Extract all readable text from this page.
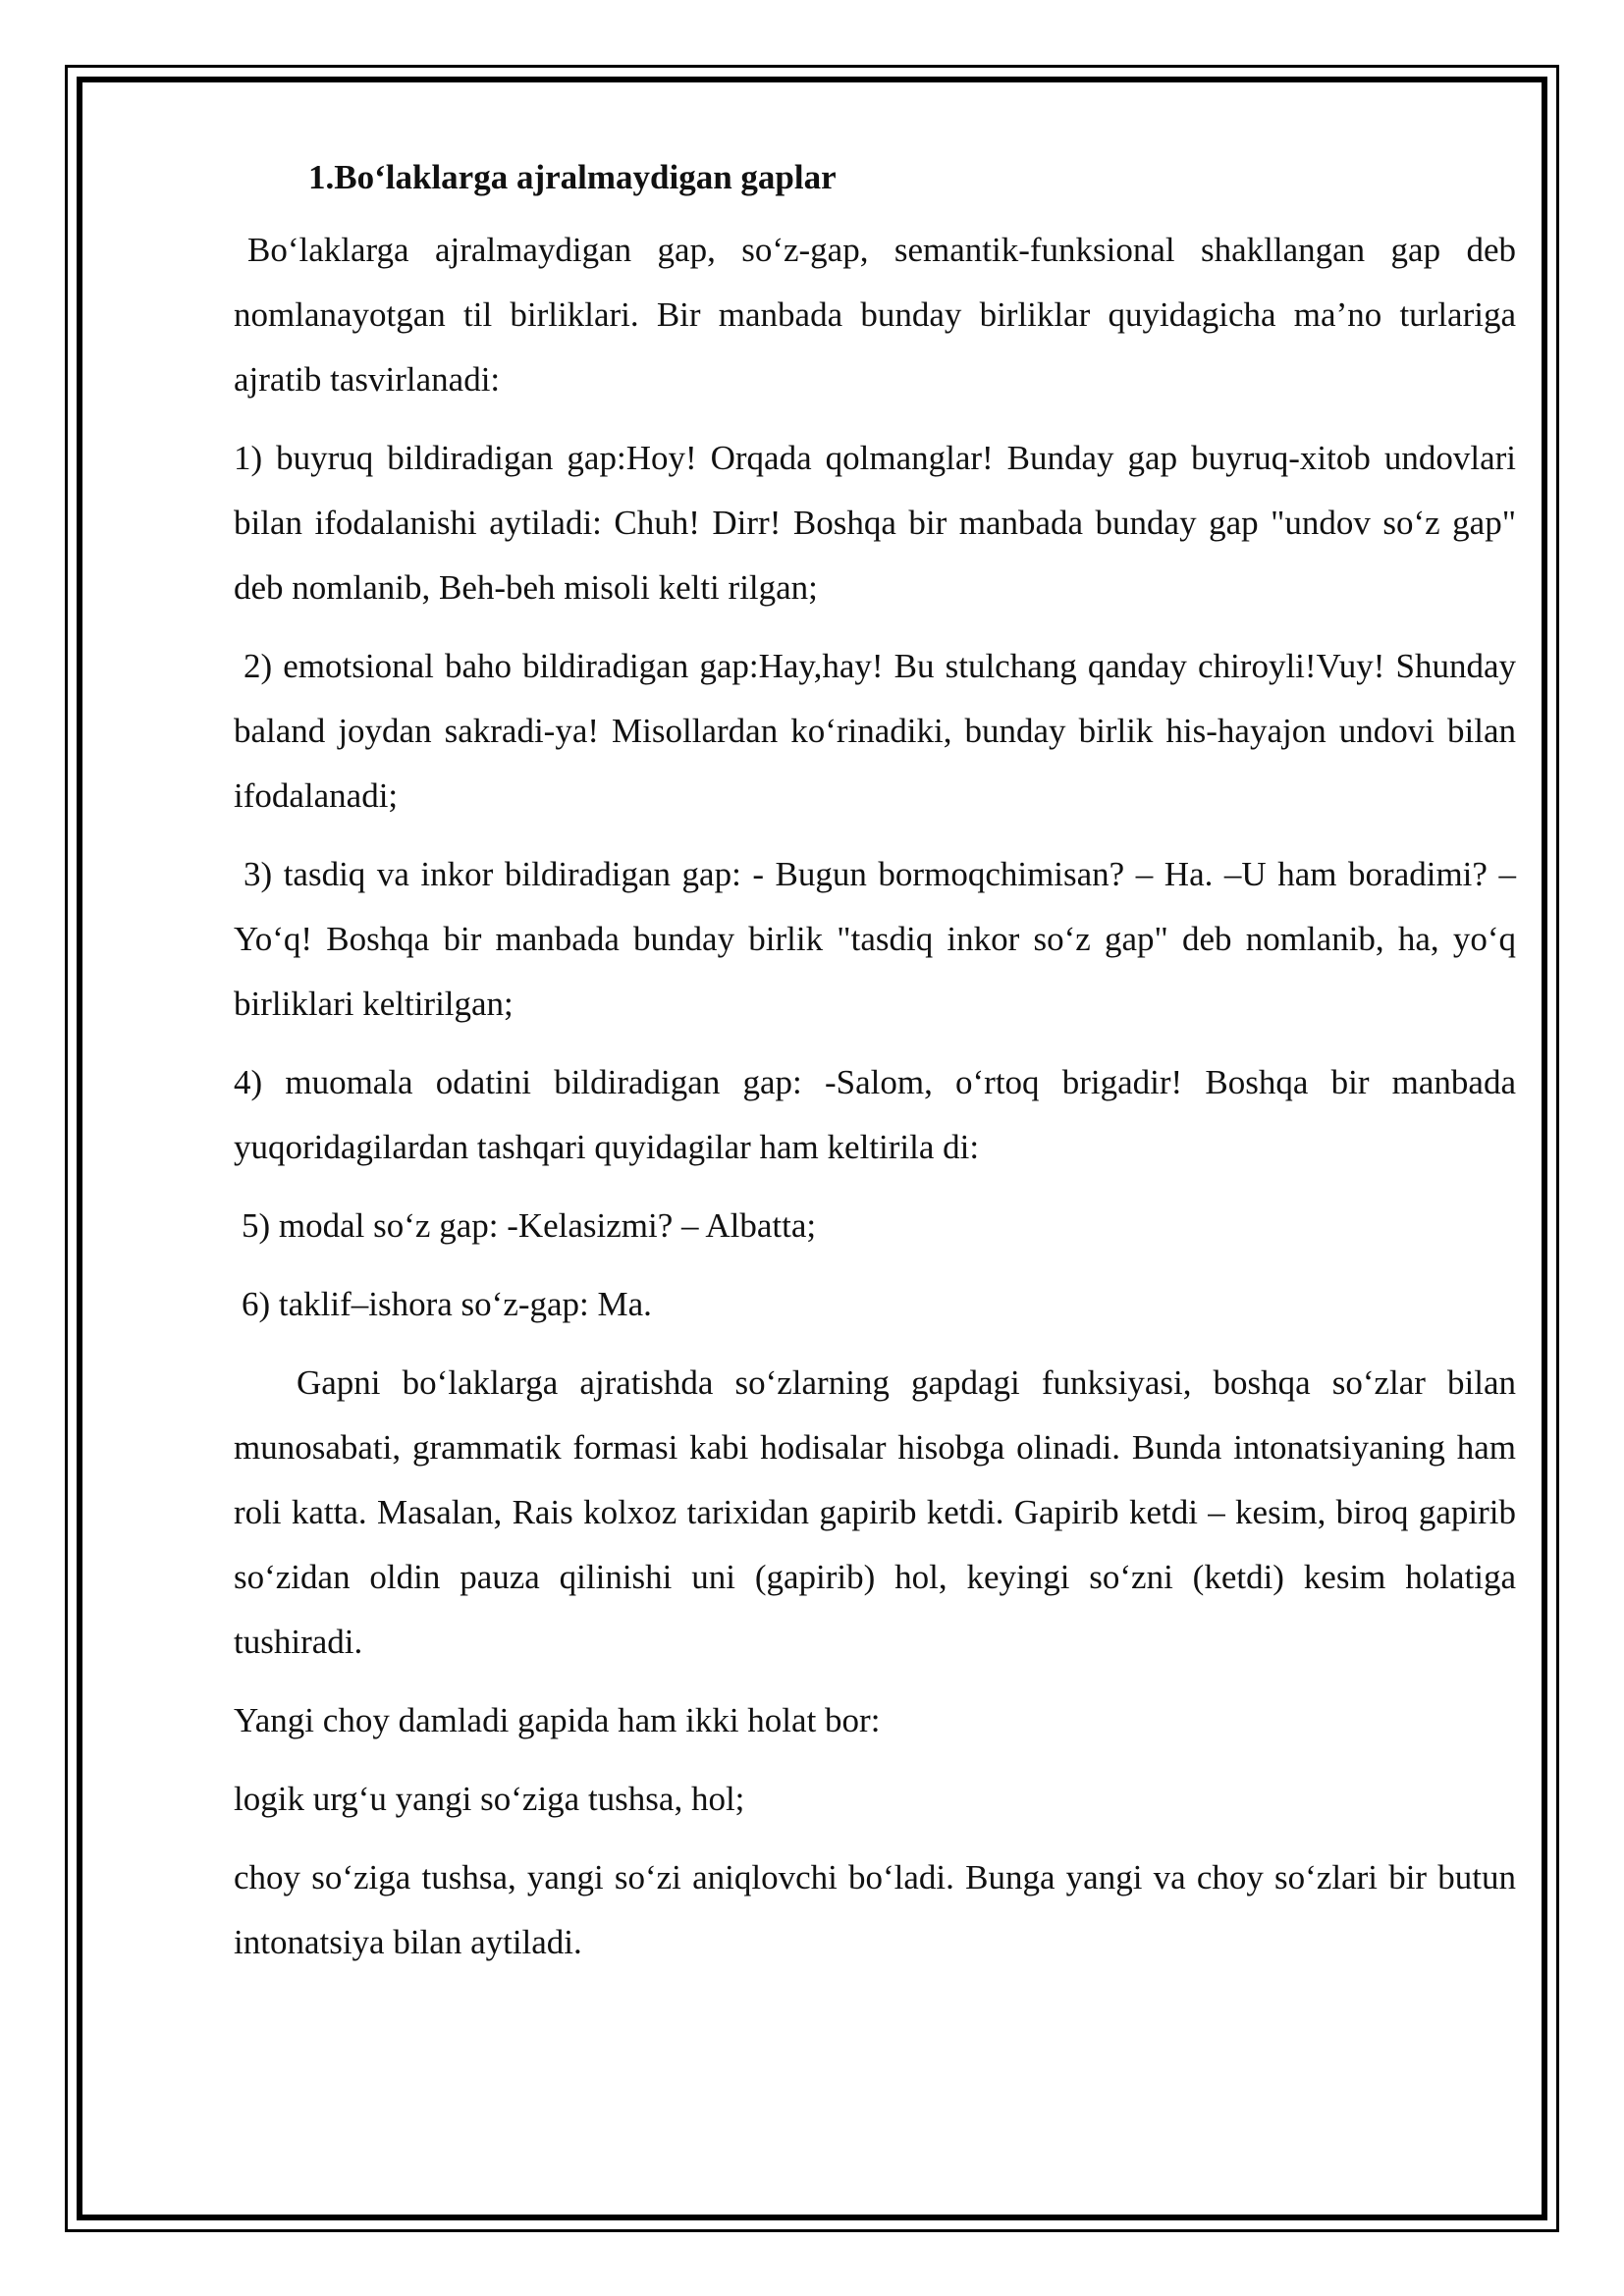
1.Bo‘laklarga ajralmaydigan gaplar

Bo‘laklarga ajralmaydigan gap, so‘z-gap, semantik-funksional shakllangan gap deb nomlanayotgan til birliklari. Bir manbada bunday birliklar quyidagicha ma’no turlariga ajratib tasvirlanadi:

1) buyruq bildiradigan gap:Hoy! Orqada qolmanglar! Bunday gap buyruq-xitob undovlari bilan ifodalanishi aytiladi: Chuh! Dirr! Boshqa bir manbada bunday gap "undov so‘z gap" deb nomlanib, Beh-beh misoli kelti rilgan;

2) emotsional baho bildiradigan gap:Hay,hay! Bu stulchang qanday chiroyli!Vuy! Shunday baland joydan sakradi-ya! Misollardan ko‘rinadiki, bunday birlik his-hayajon undovi bilan ifodalanadi;

3) tasdiq va inkor bildiradigan gap: - Bugun bormoqchimisan? – Ha. –U ham boradimi? – Yo‘q! Boshqa bir manbada bunday birlik "tasdiq inkor so‘z gap" deb nomlanib, ha, yo‘q birliklari keltirilgan;

4) muomala odatini bildiradigan gap: -Salom, o‘rtoq brigadir! Boshqa bir manbada yuqoridagilardan tashqari quyidagilar ham keltirila di:

5) modal so‘z gap: -Kelasizmi? – Albatta;

6) taklif–ishora so‘z-gap: Ma.

Gapni bo‘laklarga ajratishda so‘zlarning gapdagi funksiyasi, boshqa so‘zlar bilan munosabati, grammatik formasi kabi hodisalar hisobga olinadi. Bunda intonatsiyaning ham roli katta. Masalan, Rais kolxoz tarixidan gapirib ketdi. Gapirib ketdi – kesim, biroq gapirib so‘zidan oldin pauza qilinishi uni (gapirib) hol, keyingi so‘zni (ketdi) kesim holatiga tushiradi.

Yangi choy damladi gapida ham ikki holat bor:

logik urg‘u yangi so‘ziga tushsa, hol;

choy so‘ziga tushsa, yangi so‘zi aniqlovchi bo‘ladi. Bunga yangi va choy so‘zlari bir butun intonatsiya bilan aytiladi.
